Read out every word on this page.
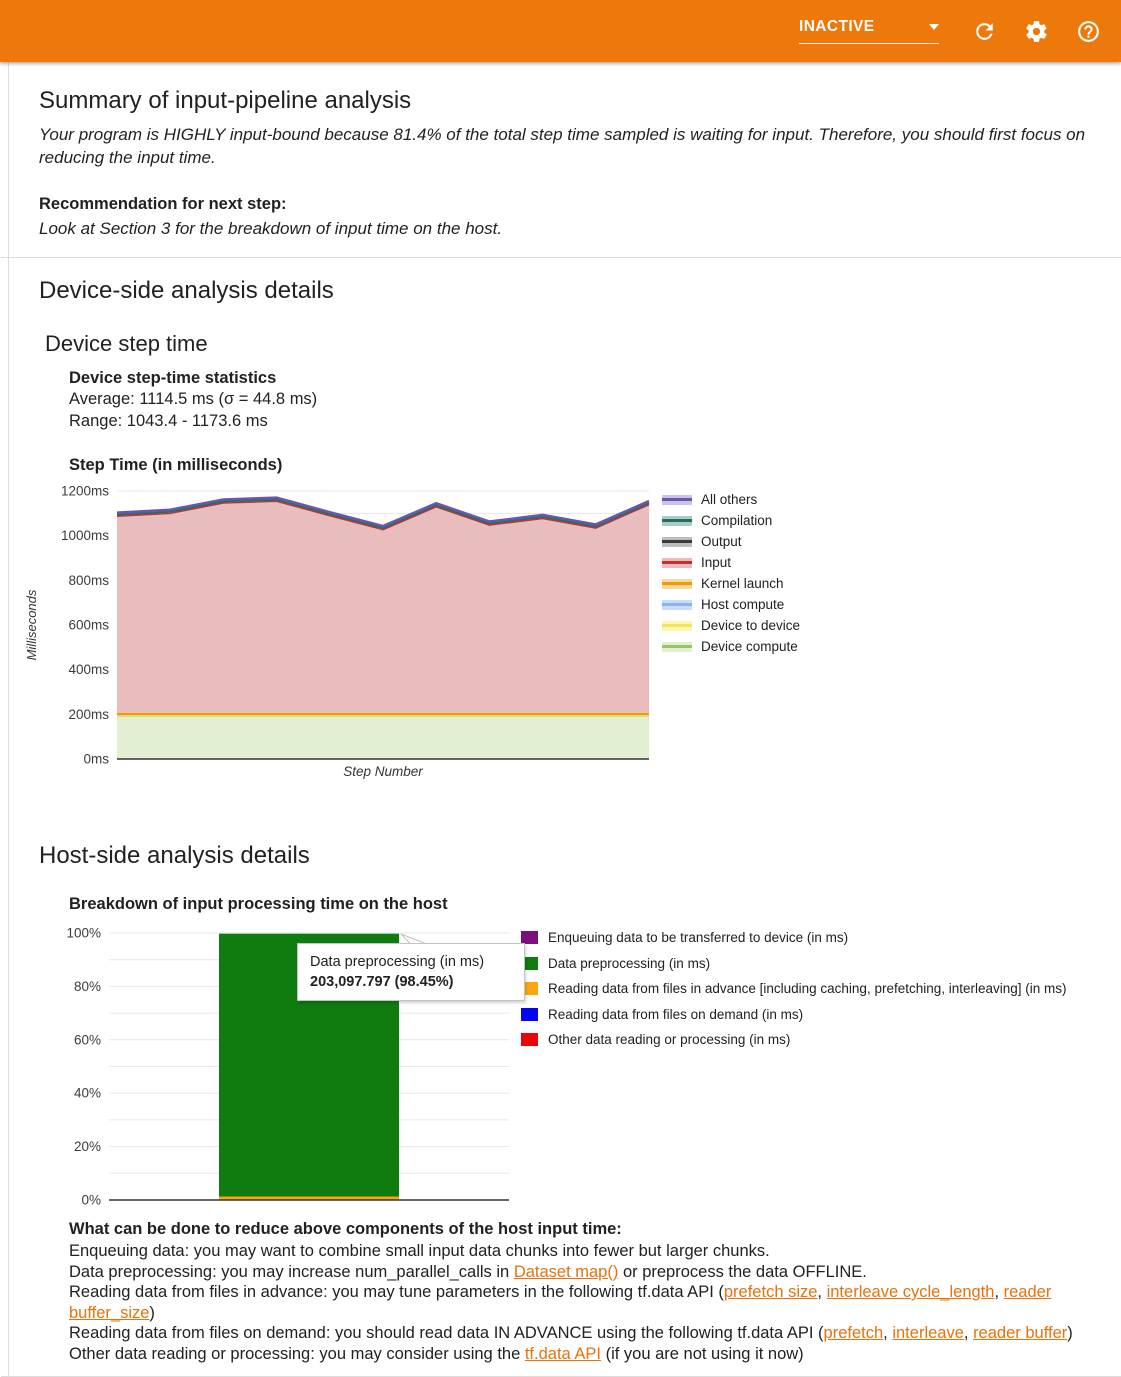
INACTIVE
Summary of input-pipeline analysis

Your program is HIGHLY input-bound because 81.4% of the total step time sampled is waiting for input. Therefore, you should first focus on reducing the input time.

Recommendation for next step:

Look at Section 3 for the breakdown of input time on the host.

Device-side analysis details
Device step time

Device step-time statistics

Average: 1114.5 ms (σ = 44.8 ms)

Range: 1043.4 - 1173.6 ms

Step Time (in milliseconds)

0ms
200ms
400ms
600ms
800ms
1000ms
1200ms
Step Number
Milliseconds
All others
Compilation
Output
Input
Kernel launch
Host compute
Device to device
Device compute
Host-side analysis details

Breakdown of input processing time on the host

0%
20%
40%
60%
80%
100%	Enqueuing data to be transferred to device (in ms)
Data preprocessing (in ms)
Reading data from files in advance [including caching, prefetching, interleaving] (in ms)
Reading data from files on demand (in ms)
Other data reading or processing (in ms)
Data preprocessing (in ms)
203,097.797 (98.45%)
What can be done to reduce above components of the host input time:
Enqueuing data: you may want to combine small input data chunks into fewer but larger chunks.
Data preprocessing: you may increase num_parallel_calls in Dataset map() or preprocess the data OFFLINE.
Reading data from files in advance: you may tune parameters in the following tf.data API (prefetch size, interleave cycle_length, reader buffer_size)
Reading data from files on demand: you should read data IN ADVANCE using the following tf.data API (prefetch, interleave, reader buffer)
Other data reading or processing: you may consider using the tf.data API (if you are not using it now)
